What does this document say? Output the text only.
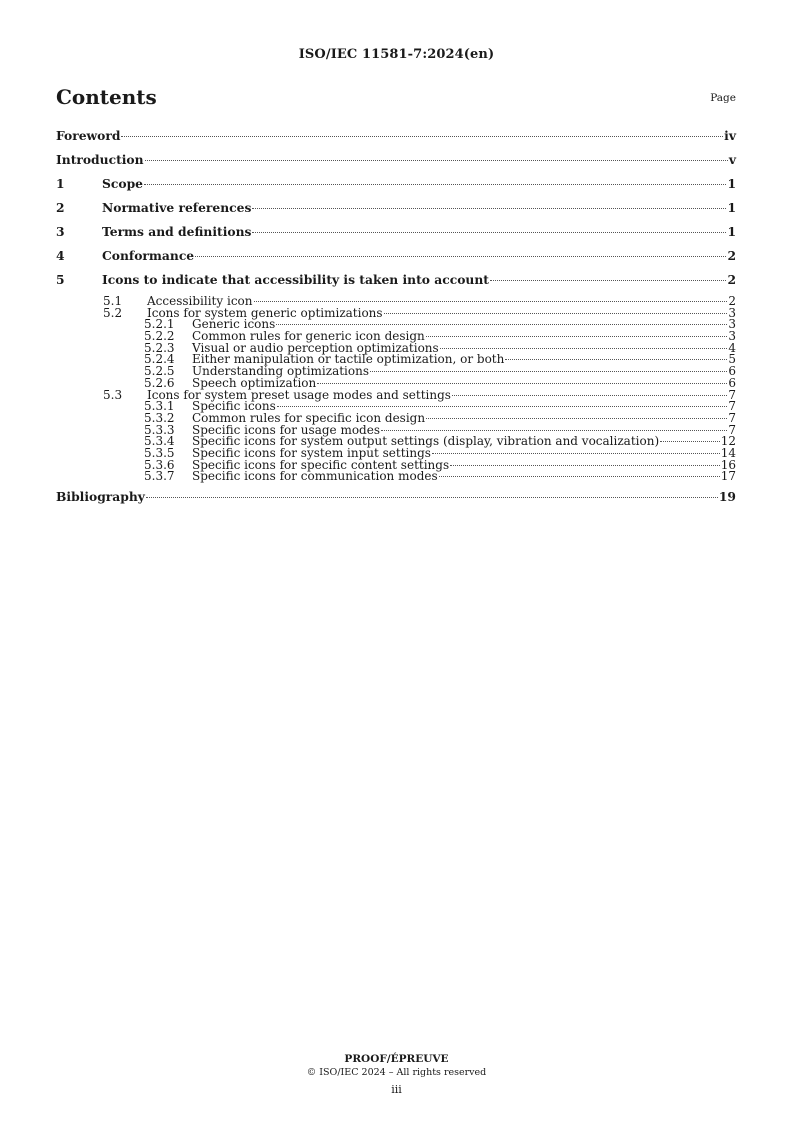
ISO/IEC 11581-7:2024(en)
Contents	Page
Foreword	iv
Introduction	v
1	Scope	1
2	Normative references	1
3	Terms and definitions	1
4	Conformance	2
5	Icons to indicate that accessibility is taken into account	2
5.1	Accessibility icon	2
5.2	Icons for system generic optimizations	3
5.2.1	Generic icons	3
5.2.2	Common rules for generic icon design	3
5.2.3	Visual or audio perception optimizations	4
5.2.4	Either manipulation or tactile optimization, or both	5
5.2.5	Understanding optimizations	6
5.2.6	Speech optimization	6
5.3	Icons for system preset usage modes and settings	7
5.3.1	Specific icons	7
5.3.2	Common rules for specific icon design	7
5.3.3	Specific icons for usage modes	7
5.3.4	Specific icons for system output settings (display, vibration and vocalization)	12
5.3.5	Specific icons for system input settings	14
5.3.6	Specific icons for specific content settings	16
5.3.7	Specific icons for communication modes	17
Bibliography	19
PROOF/ÉPREUVE
© ISO/IEC 2024 – All rights reserved
iii
